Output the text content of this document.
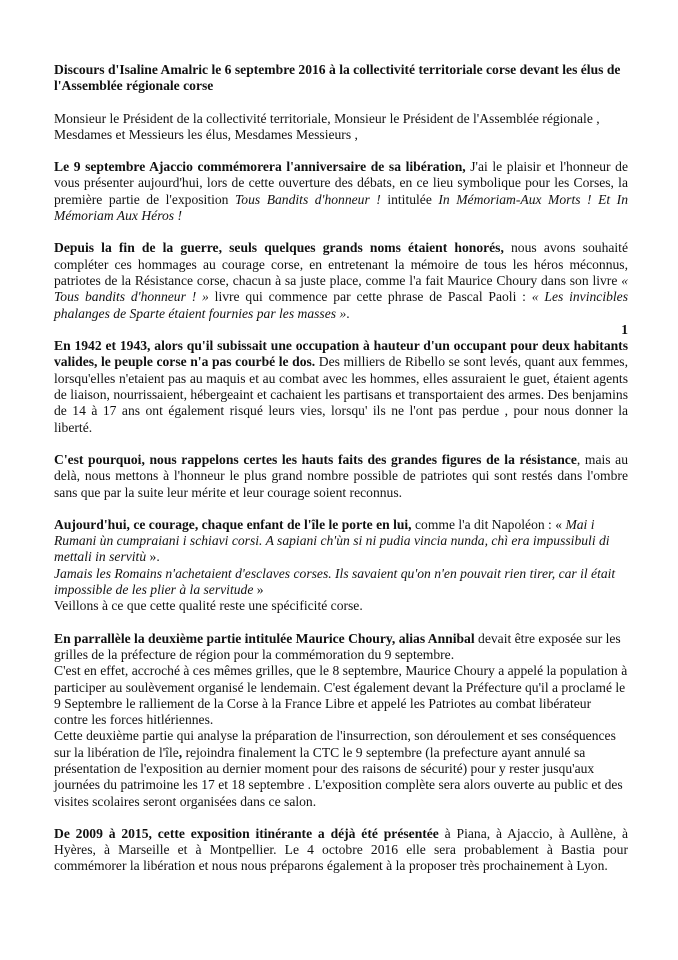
Discours d'Isaline Amalric le 6 septembre 2016 à la collectivité territoriale corse devant les élus de l'Assemblée régionale corse

Monsieur le Président de la collectivité territoriale, Monsieur le Président de l'Assemblée régionale , Mesdames et Messieurs les élus, Mesdames Messieurs ,

Le 9 septembre Ajaccio commémorera l'anniversaire de sa libération, J'ai le plaisir et l'honneur de vous présenter aujourd'hui, lors de cette ouverture des débats, en ce lieu symbolique pour les Corses, la première partie de l'exposition Tous Bandits d'honneur ! intitulée In Mémoriam-Aux Morts ! Et In Mémoriam Aux Héros !

Depuis la fin de la guerre, seuls quelques grands noms étaient honorés, nous avons souhaité compléter ces hommages au courage corse, en entretenant la mémoire de tous les héros méconnus, patriotes de la Résistance corse, chacun à sa juste place, comme l'a fait Maurice Choury dans son livre « Tous bandits d'honneur ! » livre qui commence par cette phrase de Pascal Paoli : « Les invincibles phalanges de Sparte étaient fournies par les masses ».

1

En 1942 et 1943, alors qu'il subissait une occupation à hauteur d'un occupant pour deux habitants valides, le peuple corse n'a pas courbé le dos. Des milliers de Ribello se sont levés, quant aux femmes, lorsqu'elles n'etaient pas au maquis et au combat avec les hommes, elles assuraient le guet, étaient agents de liaison, nourrissaient, hébergeaint et cachaient les partisans et transportaient des armes. Des benjamins de 14 à 17 ans ont également risqué leurs vies, lorsqu' ils ne l'ont pas perdue , pour nous donner la liberté.

C'est pourquoi, nous rappelons certes les hauts faits des grandes figures de la résistance, mais au delà, nous mettons à l'honneur le plus grand nombre possible de patriotes qui sont restés dans l'ombre sans que par la suite leur mérite et leur courage soient reconnus.

Aujourd'hui, ce courage, chaque enfant de l'île le porte en lui, comme l'a dit Napoléon : « Mai i Rumani ùn cumpraiani i schiavi corsi. A sapiani ch'ùn si ni pudia vincia nunda, chì era impussibuli di mettali in servitù ».
Jamais les Romains n'achetaient d'esclaves corses. Ils savaient qu'on n'en pouvait rien tirer, car il était impossible de les plier à la servitude »
Veillons à ce que cette qualité reste une spécificité corse.

En parrallèle la deuxième partie intitulée Maurice Choury, alias Annibal devait être exposée sur les grilles de la préfecture de région pour la commémoration du 9 septembre.
C'est en effet, accroché à ces mêmes grilles, que le 8 septembre, Maurice Choury a appelé la population à participer au soulèvement organisé le lendemain. C'est également devant la Préfecture qu'il a proclamé le 9 Septembre le ralliement de la Corse à la France Libre et appelé les Patriotes au combat libérateur contre les forces hitlériennes.
Cette deuxième partie qui analyse la préparation de l'insurrection, son déroulement et ses conséquences sur la libération de l'île, rejoindra finalement la CTC le 9 septembre (la prefecture ayant annulé sa présentation de l'exposition au dernier moment pour des raisons de sécurité) pour y rester jusqu'aux journées du patrimoine les 17 et 18 septembre . L'exposition complète sera alors ouverte au public et des visites scolaires seront organisées dans ce salon.

De 2009 à 2015, cette exposition itinérante a déjà été présentée à Piana, à Ajaccio, à Aullène, à Hyères, à Marseille et à Montpellier. Le 4 octobre 2016 elle sera probablement à Bastia pour commémorer la libération et nous nous préparons également à la proposer très prochainement à Lyon.
